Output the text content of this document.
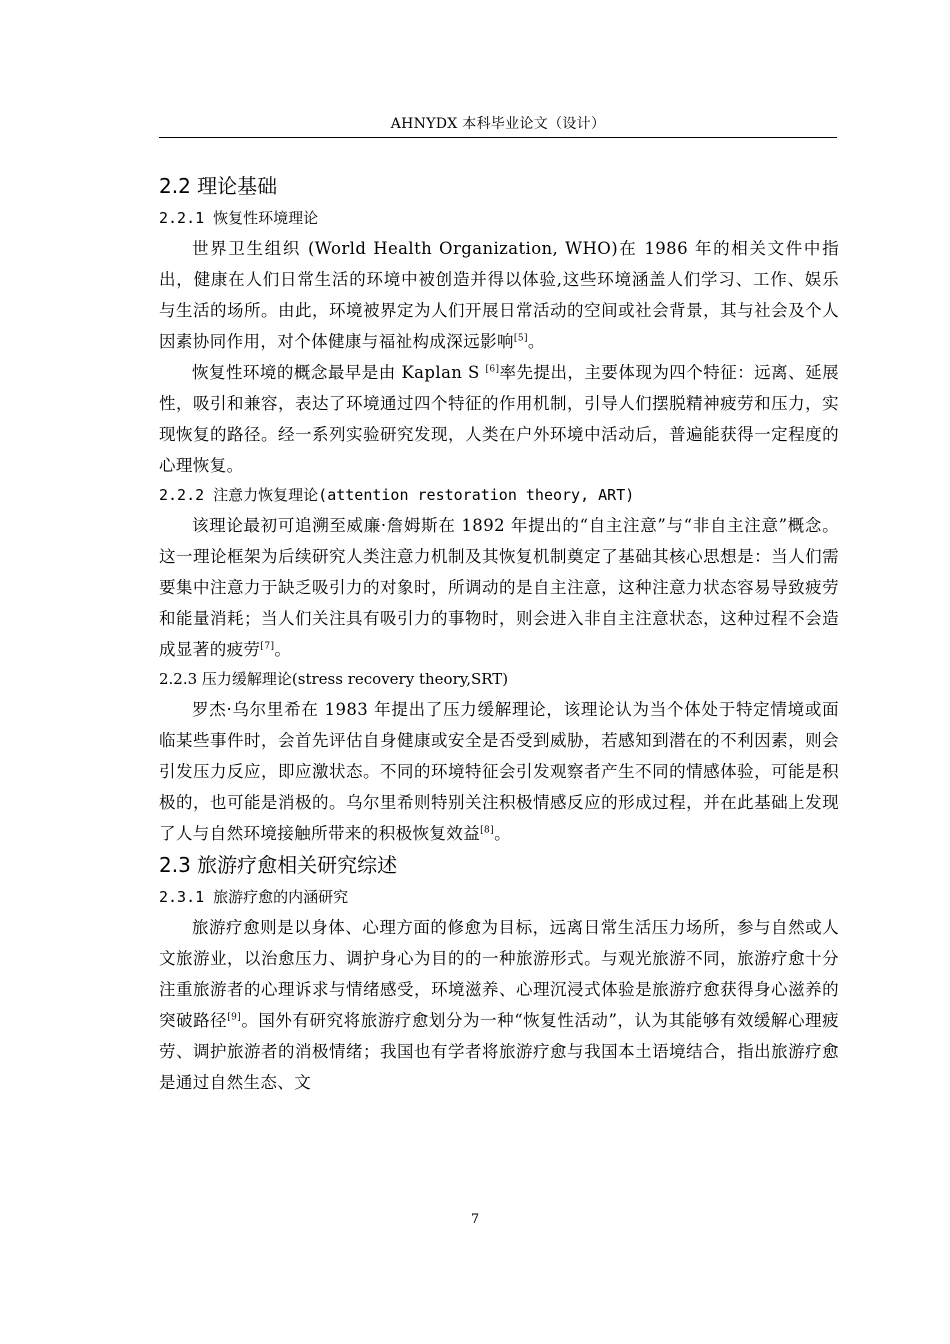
AHNYDX 本科毕业论文（设计）
2.2 理论基础
2.2.1 恢复性环境理论

世界卫生组织 (World Health Organization, WHO)在 1986 年的相关文件中指出，健康在人们日常生活的环境中被创造并得以体验,这些环境涵盖人们学习、工作、娱乐与生活的场所。由此，环境被界定为人们开展日常活动的空间或社会背景，其与社会及个人因素协同作用，对个体健康与福祉构成深远影响[5]。

恢复性环境的概念最早是由 Kaplan S [6]率先提出，主要体现为四个特征：远离、延展性，吸引和兼容，表达了环境通过四个特征的作用机制，引导人们摆脱精神疲劳和压力，实现恢复的路径。经一系列实验研究发现，人类在户外环境中活动后，普遍能获得一定程度的心理恢复。

2.2.2 注意力恢复理论(attention restoration theory, ART)

该理论最初可追溯至威廉·詹姆斯在 1892 年提出的“自主注意”与“非自主注意”概念。这一理论框架为后续研究人类注意力机制及其恢复机制奠定了基础其核心思想是：当人们需要集中注意力于缺乏吸引力的对象时，所调动的是自主注意，这种注意力状态容易导致疲劳和能量消耗；当人们关注具有吸引力的事物时，则会进入非自主注意状态，这种过程不会造成显著的疲劳[7]。

2.2.3 压力缓解理论(stress recovery theory,SRT)

罗杰·乌尔里希在 1983 年提出了压力缓解理论，该理论认为当个体处于特定情境或面临某些事件时，会首先评估自身健康或安全是否受到威胁，若感知到潜在的不利因素，则会引发压力反应，即应激状态。不同的环境特征会引发观察者产生不同的情感体验，可能是积极的，也可能是消极的。乌尔里希则特别关注积极情感反应的形成过程，并在此基础上发现了人与自然环境接触所带来的积极恢复效益[8]。

2.3 旅游疗愈相关研究综述
2.3.1 旅游疗愈的内涵研究

旅游疗愈则是以身体、心理方面的修愈为目标，远离日常生活压力场所，参与自然或人文旅游业，以治愈压力、调护身心为目的的一种旅游形式。与观光旅游不同，旅游疗愈十分注重旅游者的心理诉求与情绪感受，环境滋养、心理沉浸式体验是旅游疗愈获得身心滋养的突破路径[9]。国外有研究将旅游疗愈划分为一种“恢复性活动”，认为其能够有效缓解心理疲劳、调护旅游者的消极情绪；我国也有学者将旅游疗愈与我国本土语境结合，指出旅游疗愈是通过自然生态、文

7
